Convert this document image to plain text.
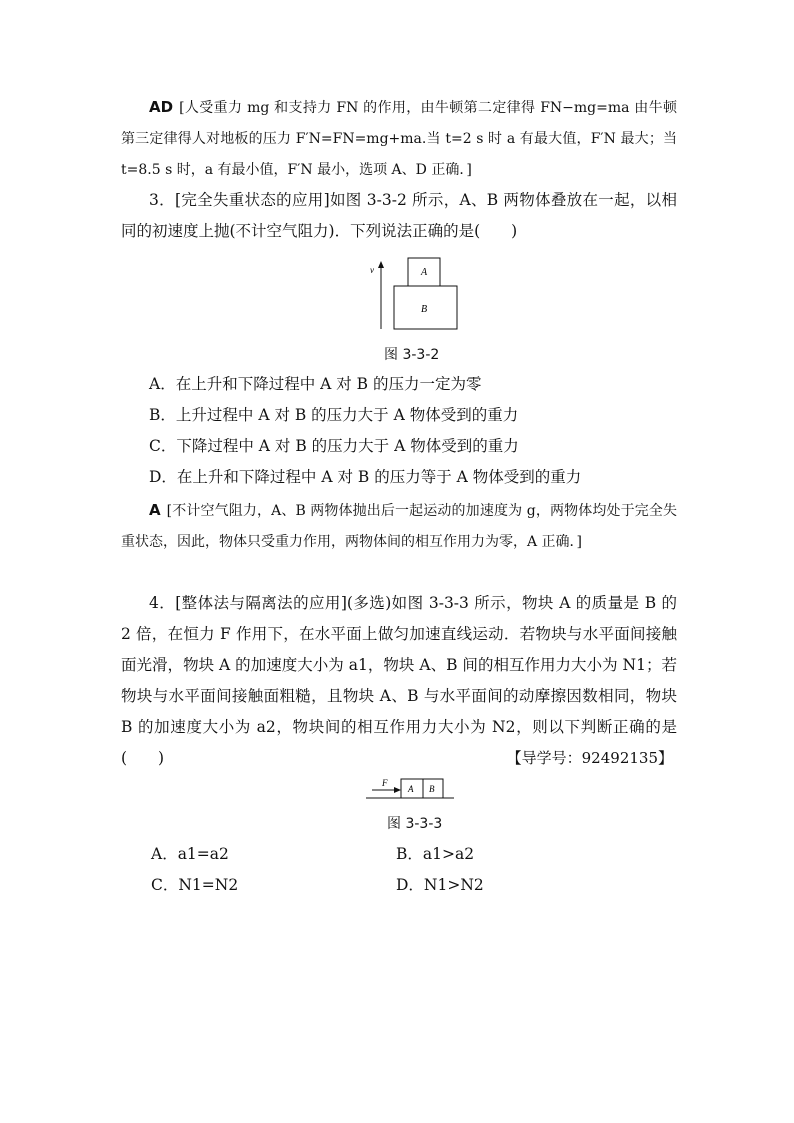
AD [人受重力 mg 和支持力 FN 的作用，由牛顿第二定律得 FN−mg=ma 由牛顿第三定律得人对地板的压力 F′N=FN=mg+ma.当 t=2 s 时 a 有最大值，F′N 最大；当 t=8.5 s 时，a 有最小值，F′N 最小，选项 A、D 正确．]
3．[完全失重状态的应用]如图 3-3-2 所示，A、B 两物体叠放在一起，以相同的初速度上抛(不计空气阻力)．下列说法正确的是(　　)
v	A
B
图 3-3-2
A．在上升和下降过程中 A 对 B 的压力一定为零
B．上升过程中 A 对 B 的压力大于 A 物体受到的重力
C．下降过程中 A 对 B 的压力大于 A 物体受到的重力
D．在上升和下降过程中 A 对 B 的压力等于 A 物体受到的重力
A [不计空气阻力，A、B 两物体抛出后一起运动的加速度为 g，两物体均处于完全失重状态，因此，物体只受重力作用，两物体间的相互作用力为零，A 正确．]
4．[整体法与隔离法的应用](多选)如图 3-3-3 所示，物块 A 的质量是 B 的 2 倍，在恒力 F 作用下，在水平面上做匀加速直线运动．若物块与水平面间接触面光滑，物块 A 的加速度大小为 a1，物块 A、B 间的相互作用力大小为 N1；若物块与水平面间接触面粗糙，且物块 A、B 与水平面间的动摩擦因数相同，物块 B 的加速度大小为 a2，物块间的相互作用力大小为 N2，则以下判断正确的是(　　)	【导学号：92492135】
F
A B
图 3-3-3
A．a1=a2	B．a1>a2
C．N1=N2	D．N1>N2
